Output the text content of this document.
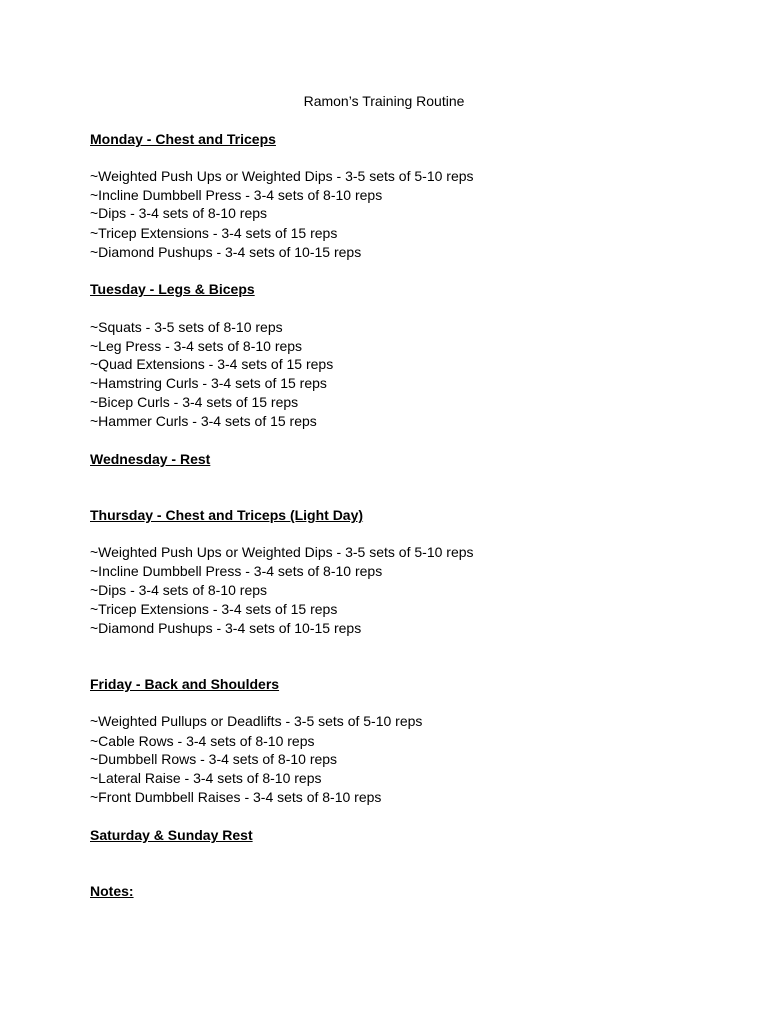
Ramon’s Training Routine
Monday - Chest and Triceps
~Weighted Push Ups or Weighted Dips - 3-5 sets of 5-10 reps
~Incline Dumbbell Press - 3-4 sets of 8-10 reps
~Dips - 3-4 sets of 8-10 reps
~Tricep Extensions - 3-4 sets of 15 reps
~Diamond Pushups - 3-4 sets of 10-15 reps
Tuesday - Legs & Biceps
~Squats - 3-5 sets of 8-10 reps
~Leg Press - 3-4 sets of 8-10 reps
~Quad Extensions - 3-4 sets of 15 reps
~Hamstring Curls - 3-4 sets of 15 reps
~Bicep Curls - 3-4 sets of 15 reps
~Hammer Curls - 3-4 sets of 15 reps
Wednesday - Rest
Thursday - Chest and Triceps (Light Day)
~Weighted Push Ups or Weighted Dips - 3-5 sets of 5-10 reps
~Incline Dumbbell Press - 3-4 sets of 8-10 reps
~Dips - 3-4 sets of 8-10 reps
~Tricep Extensions - 3-4 sets of 15 reps
~Diamond Pushups - 3-4 sets of 10-15 reps
Friday - Back and Shoulders
~Weighted Pullups or Deadlifts - 3-5 sets of 5-10 reps
~Cable Rows - 3-4 sets of 8-10 reps
~Dumbbell Rows - 3-4 sets of 8-10 reps
~Lateral Raise - 3-4 sets of 8-10 reps
~Front Dumbbell Raises - 3-4 sets of 8-10 reps
Saturday & Sunday Rest
Notes:
